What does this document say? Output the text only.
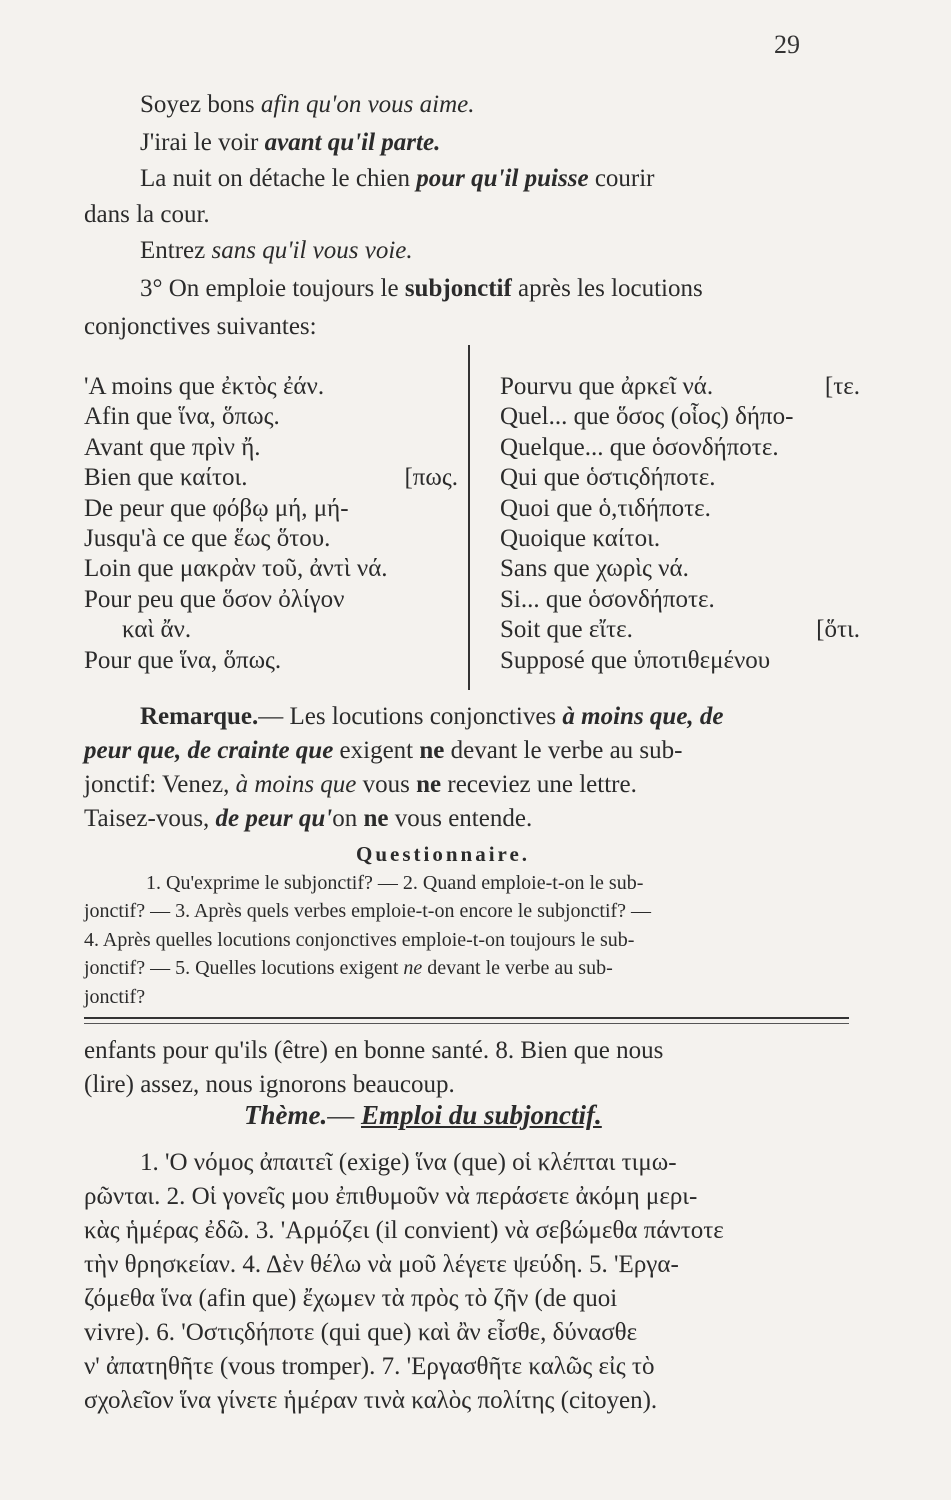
29
Soyez bons afin qu'on vous aime.
J'irai le voir avant qu'il parte.
La nuit on détache le chien pour qu'il puisse courir
dans la cour.
Entrez sans qu'il vous voie.
3° On emploie toujours le subjonctif après les locutions
conjonctives suivantes:
'A moins que ἐκτὸς ἐάν.
Afin que ἵνα, ὅπως.
Avant que πρὶν ἤ.
Bien que καίτοι.	[πως.
De peur que φόβῳ μή, μή-
Jusqu'à ce que ἕως ὅτου.
Loin que μακρὰν τοῦ, ἀντὶ νά.
Pour peu que ὅσον ὀλίγον
καὶ ἄν.
Pour que ἵνα, ὅπως.
Pourvu que ἀρκεῖ νά.	[τε.
Quel... que ὅσος (οἷος) δήπο-
Quelque... que ὁσονδήποτε.
Qui que ὁστιςδήποτε.
Quoi que ὁ,τιδήποτε.
Quoique καίτοι.
Sans que χωρὶς νά.
Si... que ὁσονδήποτε.
Soit que εἴτε.	[ὅτι.
Supposé que ὑποτιθεμένου
Remarque.— Les locutions conjonctives à moins que, de
peur que, de crainte que exigent ne devant le verbe au sub-
jonctif: Venez, à moins que vous ne receviez une lettre.
Taisez-vous, de peur qu'on ne vous entende.
Questionnaire.
1. Qu'exprime le subjonctif? — 2. Quand emploie-t-on le sub-
jonctif? — 3. Après quels verbes emploie-t-on encore le subjonctif? —
4. Après quelles locutions conjonctives emploie-t-on toujours le sub-
jonctif? — 5. Quelles locutions exigent ne devant le verbe au sub-
jonctif?
enfants pour qu'ils (être) en bonne santé. 8. Bien que nous
(lire) assez, nous ignorons beaucoup.
Thème.— Emploi du subjonctif.
1. 'Ο νόμος ἀπαιτεῖ (exige) ἵνα (que) οἱ κλέπται τιμω-
ρῶνται. 2. Οἱ γονεῖς μου ἐπιθυμοῦν νὰ περάσετε ἀκόμη μερι-
κὰς ἡμέρας ἐδῶ. 3. 'Αρμόζει (il convient) νὰ σεβώμεθα πάντοτε
τὴν θρησκείαν. 4. Δὲν θέλω νὰ μοῦ λέγετε ψεύδη. 5. 'Εργα-
ζόμεθα ἵνα (afin que) ἔχωμεν τὰ πρὸς τὸ ζῆν (de quoi
vivre). 6. 'Οστιςδήποτε (qui que) καὶ ἂν εἶσθε, δύνασθε
ν' ἀπατηθῆτε (vous tromper). 7. 'Εργασθῆτε καλῶς εἰς τὸ
σχολεῖον ἵνα γίνετε ἡμέραν τινὰ καλὸς πολίτης (citoyen).
